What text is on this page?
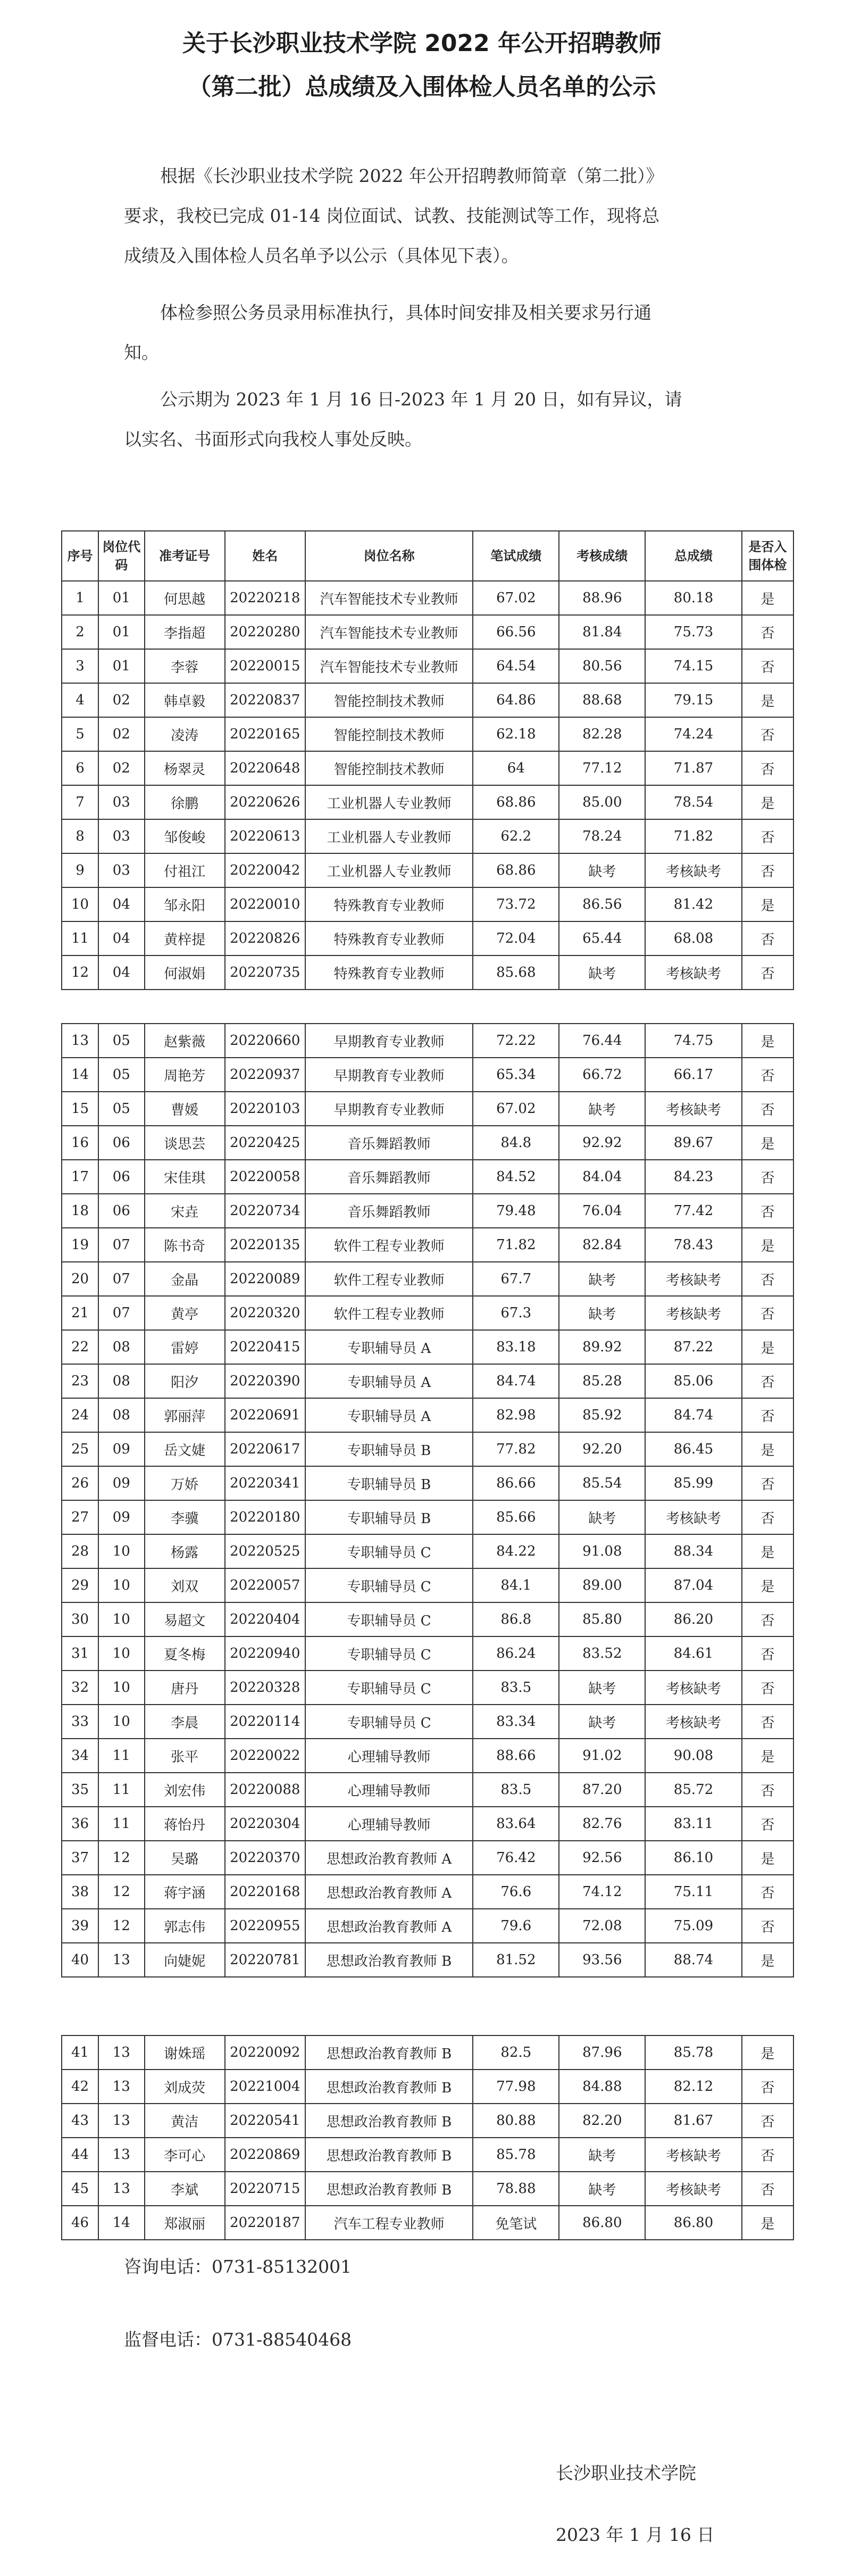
关于长沙职业技术学院 2022 年公开招聘教师
（第二批）总成绩及入围体检人员名单的公示
根据《长沙职业技术学院 2022 年公开招聘教师简章（第二批）》
要求，我校已完成 01-14 岗位面试、试教、技能测试等工作，现将总
成绩及入围体检人员名单予以公示（具体见下表）。
体检参照公务员录用标准执行，具体时间安排及相关要求另行通
知。
公示期为 2023 年 1 月 16 日-2023 年 1 月 20 日，如有异议，请
以实名、书面形式向我校人事处反映。
序号	岗位代码	准考证号	姓名	岗位名称	笔试成绩	考核成绩	总成绩	是否入围体检
1	01	何思越	20220218	汽车智能技术专业教师	67.02	88.96	80.18	是
2	01	李指超	20220280	汽车智能技术专业教师	66.56	81.84	75.73	否
3	01	李蓉	20220015	汽车智能技术专业教师	64.54	80.56	74.15	否
4	02	韩卓毅	20220837	智能控制技术教师	64.86	88.68	79.15	是
5	02	凌涛	20220165	智能控制技术教师	62.18	82.28	74.24	否
6	02	杨翠灵	20220648	智能控制技术教师	64	77.12	71.87	否
7	03	徐鹏	20220626	工业机器人专业教师	68.86	85.00	78.54	是
8	03	邹俊峻	20220613	工业机器人专业教师	62.2	78.24	71.82	否
9	03	付祖江	20220042	工业机器人专业教师	68.86	缺考	考核缺考	否
10	04	邹永阳	20220010	特殊教育专业教师	73.72	86.56	81.42	是
11	04	黄梓提	20220826	特殊教育专业教师	72.04	65.44	68.08	否
12	04	何淑娟	20220735	特殊教育专业教师	85.68	缺考	考核缺考	否
13	05	赵紫薇	20220660	早期教育专业教师	72.22	76.44	74.75	是
14	05	周艳芳	20220937	早期教育专业教师	65.34	66.72	66.17	否
15	05	曹媛	20220103	早期教育专业教师	67.02	缺考	考核缺考	否
16	06	谈思芸	20220425	音乐舞蹈教师	84.8	92.92	89.67	是
17	06	宋佳琪	20220058	音乐舞蹈教师	84.52	84.04	84.23	否
18	06	宋垚	20220734	音乐舞蹈教师	79.48	76.04	77.42	否
19	07	陈书奇	20220135	软件工程专业教师	71.82	82.84	78.43	是
20	07	金晶	20220089	软件工程专业教师	67.7	缺考	考核缺考	否
21	07	黄亭	20220320	软件工程专业教师	67.3	缺考	考核缺考	否
22	08	雷婷	20220415	专职辅导员 A	83.18	89.92	87.22	是
23	08	阳汐	20220390	专职辅导员 A	84.74	85.28	85.06	否
24	08	郭丽萍	20220691	专职辅导员 A	82.98	85.92	84.74	否
25	09	岳文婕	20220617	专职辅导员 B	77.82	92.20	86.45	是
26	09	万娇	20220341	专职辅导员 B	86.66	85.54	85.99	否
27	09	李骥	20220180	专职辅导员 B	85.66	缺考	考核缺考	否
28	10	杨露	20220525	专职辅导员 C	84.22	91.08	88.34	是
29	10	刘双	20220057	专职辅导员 C	84.1	89.00	87.04	是
30	10	易超文	20220404	专职辅导员 C	86.8	85.80	86.20	否
31	10	夏冬梅	20220940	专职辅导员 C	86.24	83.52	84.61	否
32	10	唐丹	20220328	专职辅导员 C	83.5	缺考	考核缺考	否
33	10	李晨	20220114	专职辅导员 C	83.34	缺考	考核缺考	否
34	11	张平	20220022	心理辅导教师	88.66	91.02	90.08	是
35	11	刘宏伟	20220088	心理辅导教师	83.5	87.20	85.72	否
36	11	蒋怡丹	20220304	心理辅导教师	83.64	82.76	83.11	否
37	12	吴璐	20220370	思想政治教育教师 A	76.42	92.56	86.10	是
38	12	蒋宇涵	20220168	思想政治教育教师 A	76.6	74.12	75.11	否
39	12	郭志伟	20220955	思想政治教育教师 A	79.6	72.08	75.09	否
40	13	向婕妮	20220781	思想政治教育教师 B	81.52	93.56	88.74	是
41	13	谢姝瑶	20220092	思想政治教育教师 B	82.5	87.96	85.78	是
42	13	刘成荧	20221004	思想政治教育教师 B	77.98	84.88	82.12	否
43	13	黄洁	20220541	思想政治教育教师 B	80.88	82.20	81.67	否
44	13	李可心	20220869	思想政治教育教师 B	85.78	缺考	考核缺考	否
45	13	李斌	20220715	思想政治教育教师 B	78.88	缺考	考核缺考	否
46	14	郑淑丽	20220187	汽车工程专业教师	免笔试	86.80	86.80	是
咨询电话：0731-85132001
监督电话：0731-88540468
长沙职业技术学院
2023 年 1 月 16 日
